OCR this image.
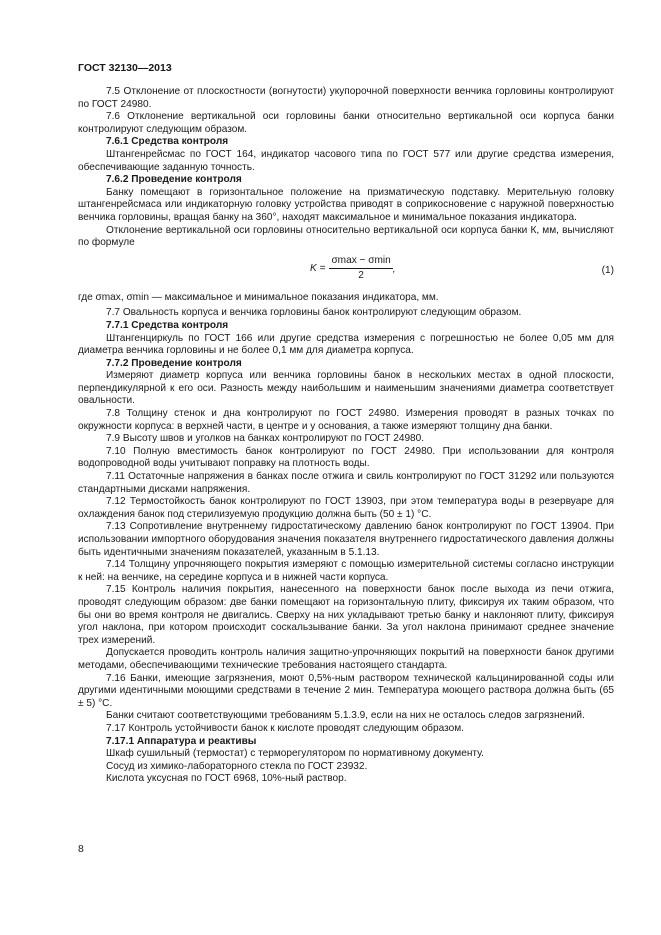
ГОСТ 32130—2013

7.5 Отклонение от плоскостности (вогнутости) укупорочной поверхности венчика горловины контролируют по ГОСТ 24980.

7.6 Отклонение вертикальной оси горловины банки относительно вертикальной оси корпуса банки контролируют следующим образом.

7.6.1 Средства контроля

Штангенрейсмас по ГОСТ 164, индикатор часового типа по ГОСТ 577 или другие средства измерения, обеспечивающие заданную точность.

7.6.2 Проведение контроля

Банку помещают в горизонтальное положение на призматическую подставку. Мерительную головку штангенрейсмаса или индикаторную головку устройства приводят в соприкосновение с наружной поверхностью венчика горловины, вращая банку на 360°, находят максимальное и минимальное показания индикатора.

Отклонение вертикальной оси горловины относительно вертикальной оси корпуса банки К, мм, вычисляют по формуле

$K = \frac{\sigma\max - \sigma\min}{2}$ ,	(1)

где σmax, σmin — максимальное и минимальное показания индикатора, мм.

7.7 Овальность корпуса и венчика горловины банок контролируют следующим образом.

7.7.1 Средства контроля

Штангенциркуль по ГОСТ 166 или другие средства измерения с погрешностью не более 0,05 мм для диаметра венчика горловины и не более 0,1 мм для диаметра корпуса.

7.7.2 Проведение контроля

Измеряют диаметр корпуса или венчика горловины банок в нескольких местах в одной плоскости, перпендикулярной к его оси. Разность между наибольшим и наименьшим значениями диаметра соответствует овальности.

7.8 Толщину стенок и дна контролируют по ГОСТ 24980. Измерения проводят в разных точках по окружности корпуса: в верхней части, в центре и у основания, а также измеряют толщину дна банки.

7.9 Высоту швов и уголков на банках контролируют по ГОСТ 24980.

7.10 Полную вместимость банок контролируют по ГОСТ 24980. При использовании для контроля водопроводной воды учитывают поправку на плотность воды.

7.11 Остаточные напряжения в банках после отжига и свиль контролируют по ГОСТ 31292 или пользуются стандартными дисками напряжения.

7.12 Термостойкость банок контролируют по ГОСТ 13903, при этом температура воды в резервуаре для охлаждения банок под стерилизуемую продукцию должна быть (50 ± 1) °С.

7.13 Сопротивление внутреннему гидростатическому давлению банок контролируют по ГОСТ 13904. При использовании импортного оборудования значения показателя внутреннего гидростатического давления должны быть идентичными значениям показателей, указанным в 5.1.13.

7.14 Толщину упрочняющего покрытия измеряют с помощью измерительной системы согласно инструкции к ней: на венчике, на середине корпуса и в нижней части корпуса.

7.15 Контроль наличия покрытия, нанесенного на поверхности банок после выхода из печи отжига, проводят следующим образом: две банки помещают на горизонтальную плиту, фиксируя их таким образом, что бы они во время контроля не двигались. Сверху на них укладывают третью банку и наклоняют плиту, фиксируя угол наклона, при котором происходит соскальзывание банки. За угол наклона принимают среднее значение трех измерений.

Допускается проводить контроль наличия защитно-упрочняющих покрытий на поверхности банок другими методами, обеспечивающими технические требования настоящего стандарта.

7.16 Банки, имеющие загрязнения, моют 0,5%-ным раствором технической кальцинированной соды или другими идентичными моющими средствами в течение 2 мин. Температура моющего раствора должна быть (65 ± 5) °С.

Банки считают соответствующими требованиям 5.1.3.9, если на них не осталось следов загрязнений.

7.17 Контроль устойчивости банок к кислоте проводят следующим образом.

7.17.1 Аппаратура и реактивы

Шкаф сушильный (термостат) с терморегулятором по нормативному документу.

Сосуд из химико-лабораторного стекла по ГОСТ 23932.

Кислота уксусная по ГОСТ 6968, 10%-ный раствор.

8
